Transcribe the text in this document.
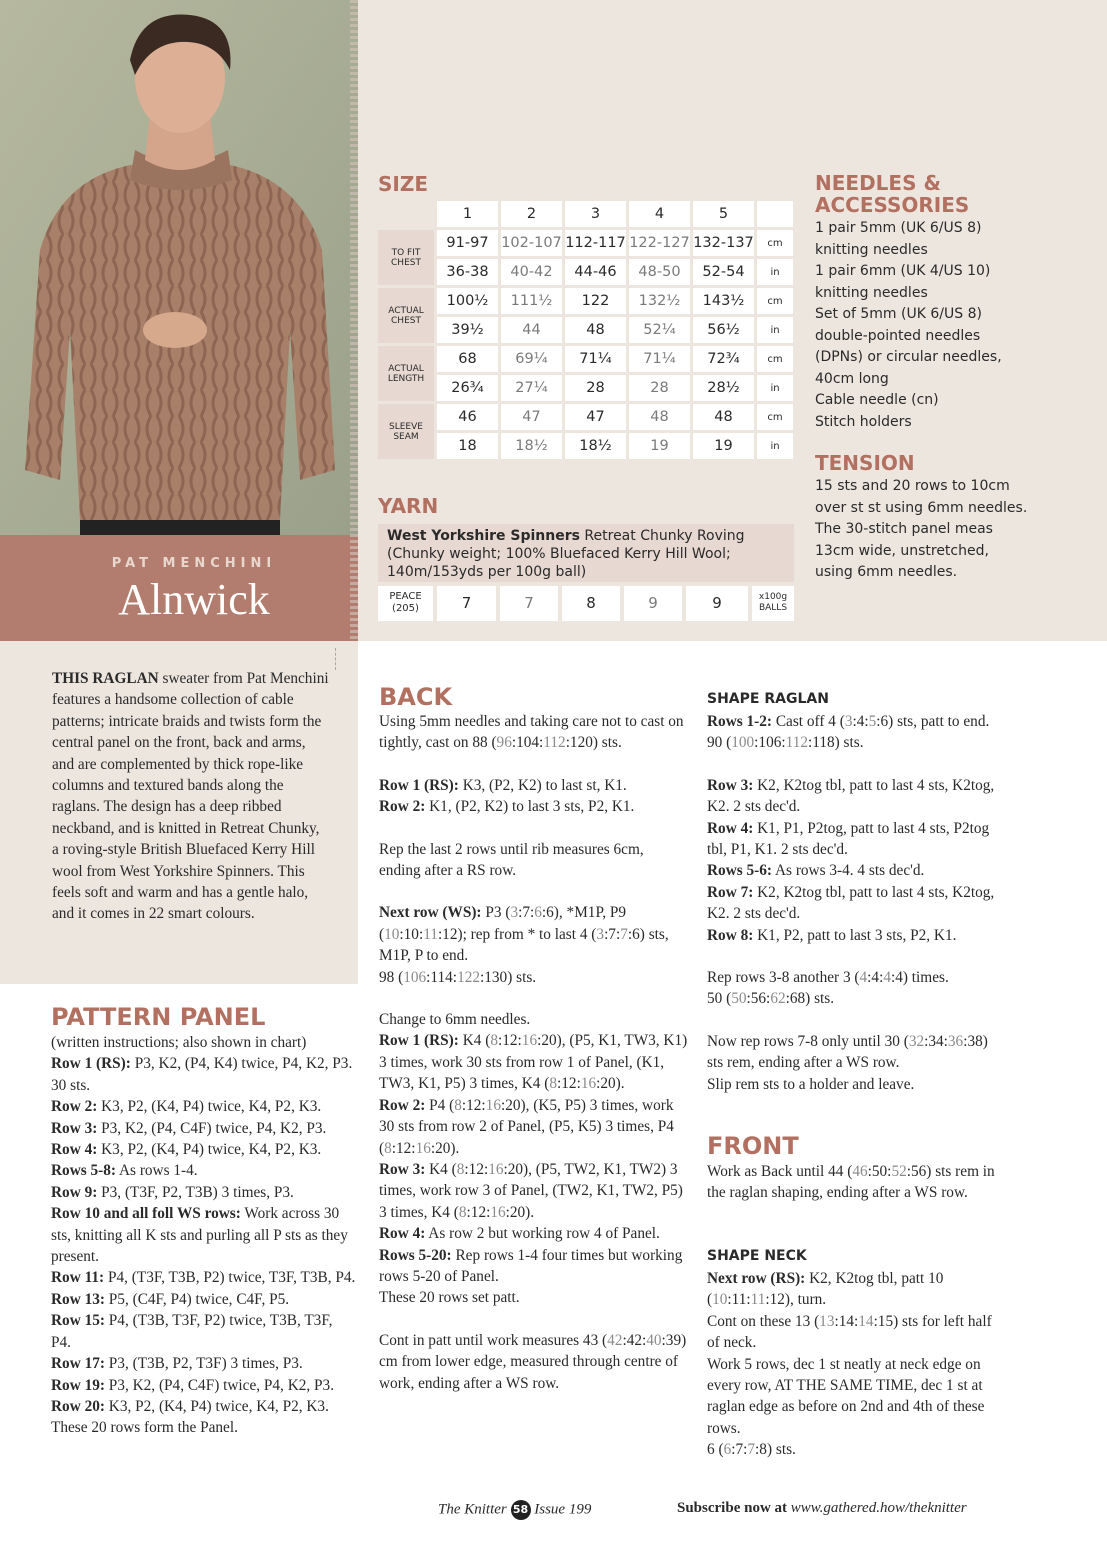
PAT MENCHINI
Alnwick
THIS RAGLAN sweater from Pat Menchini features a handsome collection of cable patterns; intricate braids and twists form the central panel on the front, back and arms, and are complemented by thick rope-like columns and textured bands along the raglans. The design has a deep ribbed neckband, and is knitted in Retreat Chunky, a roving-style British Bluefaced Kerry Hill wool from West Yorkshire Spinners. This feels soft and warm and has a gentle halo, and it comes in 22 smart colours.
SIZE
	1	2	3	4	5	
TO FIT CHEST	91-97	102-107	112-117	122-127	132-137	cm
	36-38	40-42	44-46	48-50	52-54	in
ACTUAL CHEST	100½	111½	122	132½	143½	cm
	39½	44	48	52¼	56½	in
ACTUAL LENGTH	68	69¼	71¼	71¼	72¾	cm
	26¾	27¼	28	28	28½	in
SLEEVE SEAM	46	47	47	48	48	cm
	18	18½	18½	19	19	in
YARN
West Yorkshire Spinners Retreat Chunky Roving
(Chunky weight; 100% Bluefaced Kerry Hill Wool;
140m/153yds per 100g ball)
PEACE (205)	7	7	8	9	9	x100g BALLS
NEEDLES &
ACCESSORIES
1 pair 5mm (UK 6/US 8)
knitting needles
1 pair 6mm (UK 4/US 10)
knitting needles
Set of 5mm (UK 6/US 8)
double-pointed needles
(DPNs) or circular needles,
40cm long
Cable needle (cn)
Stitch holders
TENSION
15 sts and 20 rows to 10cm
over st st using 6mm needles.
The 30-stitch panel meas
13cm wide, unstretched,
using 6mm needles.
PATTERN PANEL
(written instructions; also shown in chart)
Row 1 (RS): P3, K2, (P4, K4) twice, P4, K2, P3. 30 sts.
Row 2: K3, P2, (K4, P4) twice, K4, P2, K3.
Row 3: P3, K2, (P4, C4F) twice, P4, K2, P3.
Row 4: K3, P2, (K4, P4) twice, K4, P2, K3.
Rows 5-8: As rows 1-4.
Row 9: P3, (T3F, P2, T3B) 3 times, P3.
Row 10 and all foll WS rows: Work across 30 sts, knitting all K sts and purling all P sts as they present.
Row 11: P4, (T3F, T3B, P2) twice, T3F, T3B, P4.
Row 13: P5, (C4F, P4) twice, C4F, P5.
Row 15: P4, (T3B, T3F, P2) twice, T3B, T3F, P4.
Row 17: P3, (T3B, P2, T3F) 3 times, P3.
Row 19: P3, K2, (P4, C4F) twice, P4, K2, P3.
Row 20: K3, P2, (K4, P4) twice, K4, P2, K3.
These 20 rows form the Panel.
BACK
Using 5mm needles and taking care not to cast on tightly, cast on 88 (96:104:112:120) sts.
Row 1 (RS): K3, (P2, K2) to last st, K1.
Row 2: K1, (P2, K2) to last 3 sts, P2, K1.
Rep the last 2 rows until rib measures 6cm, ending after a RS row.
Next row (WS): P3 (3:7:6:6), *M1P, P9 (10:10:11:12); rep from * to last 4 (3:7:7:6) sts, M1P, P to end.
98 (106:114:122:130) sts.
Change to 6mm needles.
Row 1 (RS): K4 (8:12:16:20), (P5, K1, TW3, K1) 3 times, work 30 sts from row 1 of Panel, (K1, TW3, K1, P5) 3 times, K4 (8:12:16:20).
Row 2: P4 (8:12:16:20), (K5, P5) 3 times, work 30 sts from row 2 of Panel, (P5, K5) 3 times, P4 (8:12:16:20).
Row 3: K4 (8:12:16:20), (P5, TW2, K1, TW2) 3 times, work row 3 of Panel, (TW2, K1, TW2, P5) 3 times, K4 (8:12:16:20).
Row 4: As row 2 but working row 4 of Panel.
Rows 5-20: Rep rows 1-4 four times but working rows 5-20 of Panel.
These 20 rows set patt.
Cont in patt until work measures 43 (42:42:40:39) cm from lower edge, measured through centre of work, ending after a WS row.
SHAPE RAGLAN
Rows 1-2: Cast off 4 (3:4:5:6) sts, patt to end.
90 (100:106:112:118) sts.
Row 3: K2, K2tog tbl, patt to last 4 sts, K2tog, K2. 2 sts dec'd.
Row 4: K1, P1, P2tog, patt to last 4 sts, P2tog tbl, P1, K1. 2 sts dec'd.
Rows 5-6: As rows 3-4. 4 sts dec'd.
Row 7: K2, K2tog tbl, patt to last 4 sts, K2tog, K2. 2 sts dec'd.
Row 8: K1, P2, patt to last 3 sts, P2, K1.
Rep rows 3-8 another 3 (4:4:4:4) times.
50 (50:56:62:68) sts.
Now rep rows 7-8 only until 30 (32:34:36:38) sts rem, ending after a WS row.
Slip rem sts to a holder and leave.
FRONT
Work as Back until 44 (46:50:52:56) sts rem in the raglan shaping, ending after a WS row.
SHAPE NECK
Next row (RS): K2, K2tog tbl, patt 10 (10:11:11:12), turn.
Cont on these 13 (13:14:14:15) sts for left half of neck.
Work 5 rows, dec 1 st neatly at neck edge on every row, AT THE SAME TIME, dec 1 st at raglan edge as before on 2nd and 4th of these rows.
6 (6:7:7:8) sts.
The Knitter 58 Issue 199	Subscribe now at www.gathered.how/theknitter
